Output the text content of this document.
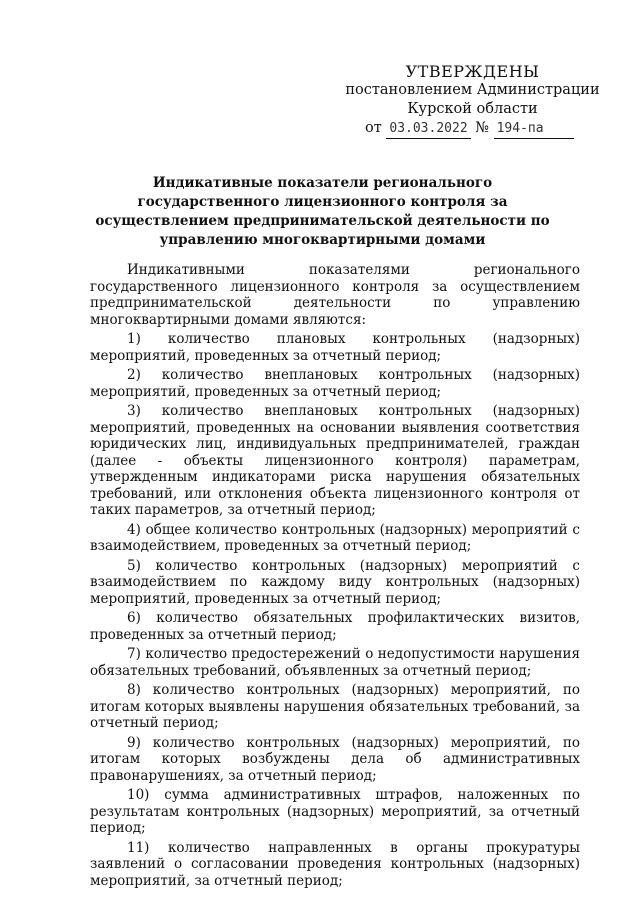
УТВЕРЖДЕНЫ
постановлением Администрации
Курской области
от 03.03.2022 № 194-па
Индикативные показатели регионального государственного лицензионного контроля за осуществлением предпринимательской деятельности по управлению многоквартирными домами

Индикативными показателями регионального государственного лицензионного контроля за осуществлением предпринимательской деятельности по управлению многоквартирными домами являются:

1) количество плановых контрольных (надзорных) мероприятий, проведенных за отчетный период;

2) количество внеплановых контрольных (надзорных) мероприятий, проведенных за отчетный период;

3) количество внеплановых контрольных (надзорных) мероприятий, проведенных на основании выявления соответствия юридических лиц, индивидуальных предпринимателей, граждан (далее - объекты лицензионного контроля) параметрам, утвержденным индикаторами риска нарушения обязательных требований, или отклонения объекта лицензионного контроля от таких параметров, за отчетный период;

4) общее количество контрольных (надзорных) мероприятий с взаимодействием, проведенных за отчетный период;

5) количество контрольных (надзорных) мероприятий с взаимодействием по каждому виду контрольных (надзорных) мероприятий, проведенных за отчетный период;

6) количество обязательных профилактических визитов, проведенных за отчетный период;

7) количество предостережений о недопустимости нарушения обязательных требований, объявленных за отчетный период;

8) количество контрольных (надзорных) мероприятий, по итогам которых выявлены нарушения обязательных требований, за отчетный период;

9) количество контрольных (надзорных) мероприятий, по итогам которых возбуждены дела об административных правонарушениях, за отчетный период;

10) сумма административных штрафов, наложенных по результатам контрольных (надзорных) мероприятий, за отчетный период;

11) количество направленных в органы прокуратуры заявлений о согласовании проведения контрольных (надзорных) мероприятий, за отчетный период;
